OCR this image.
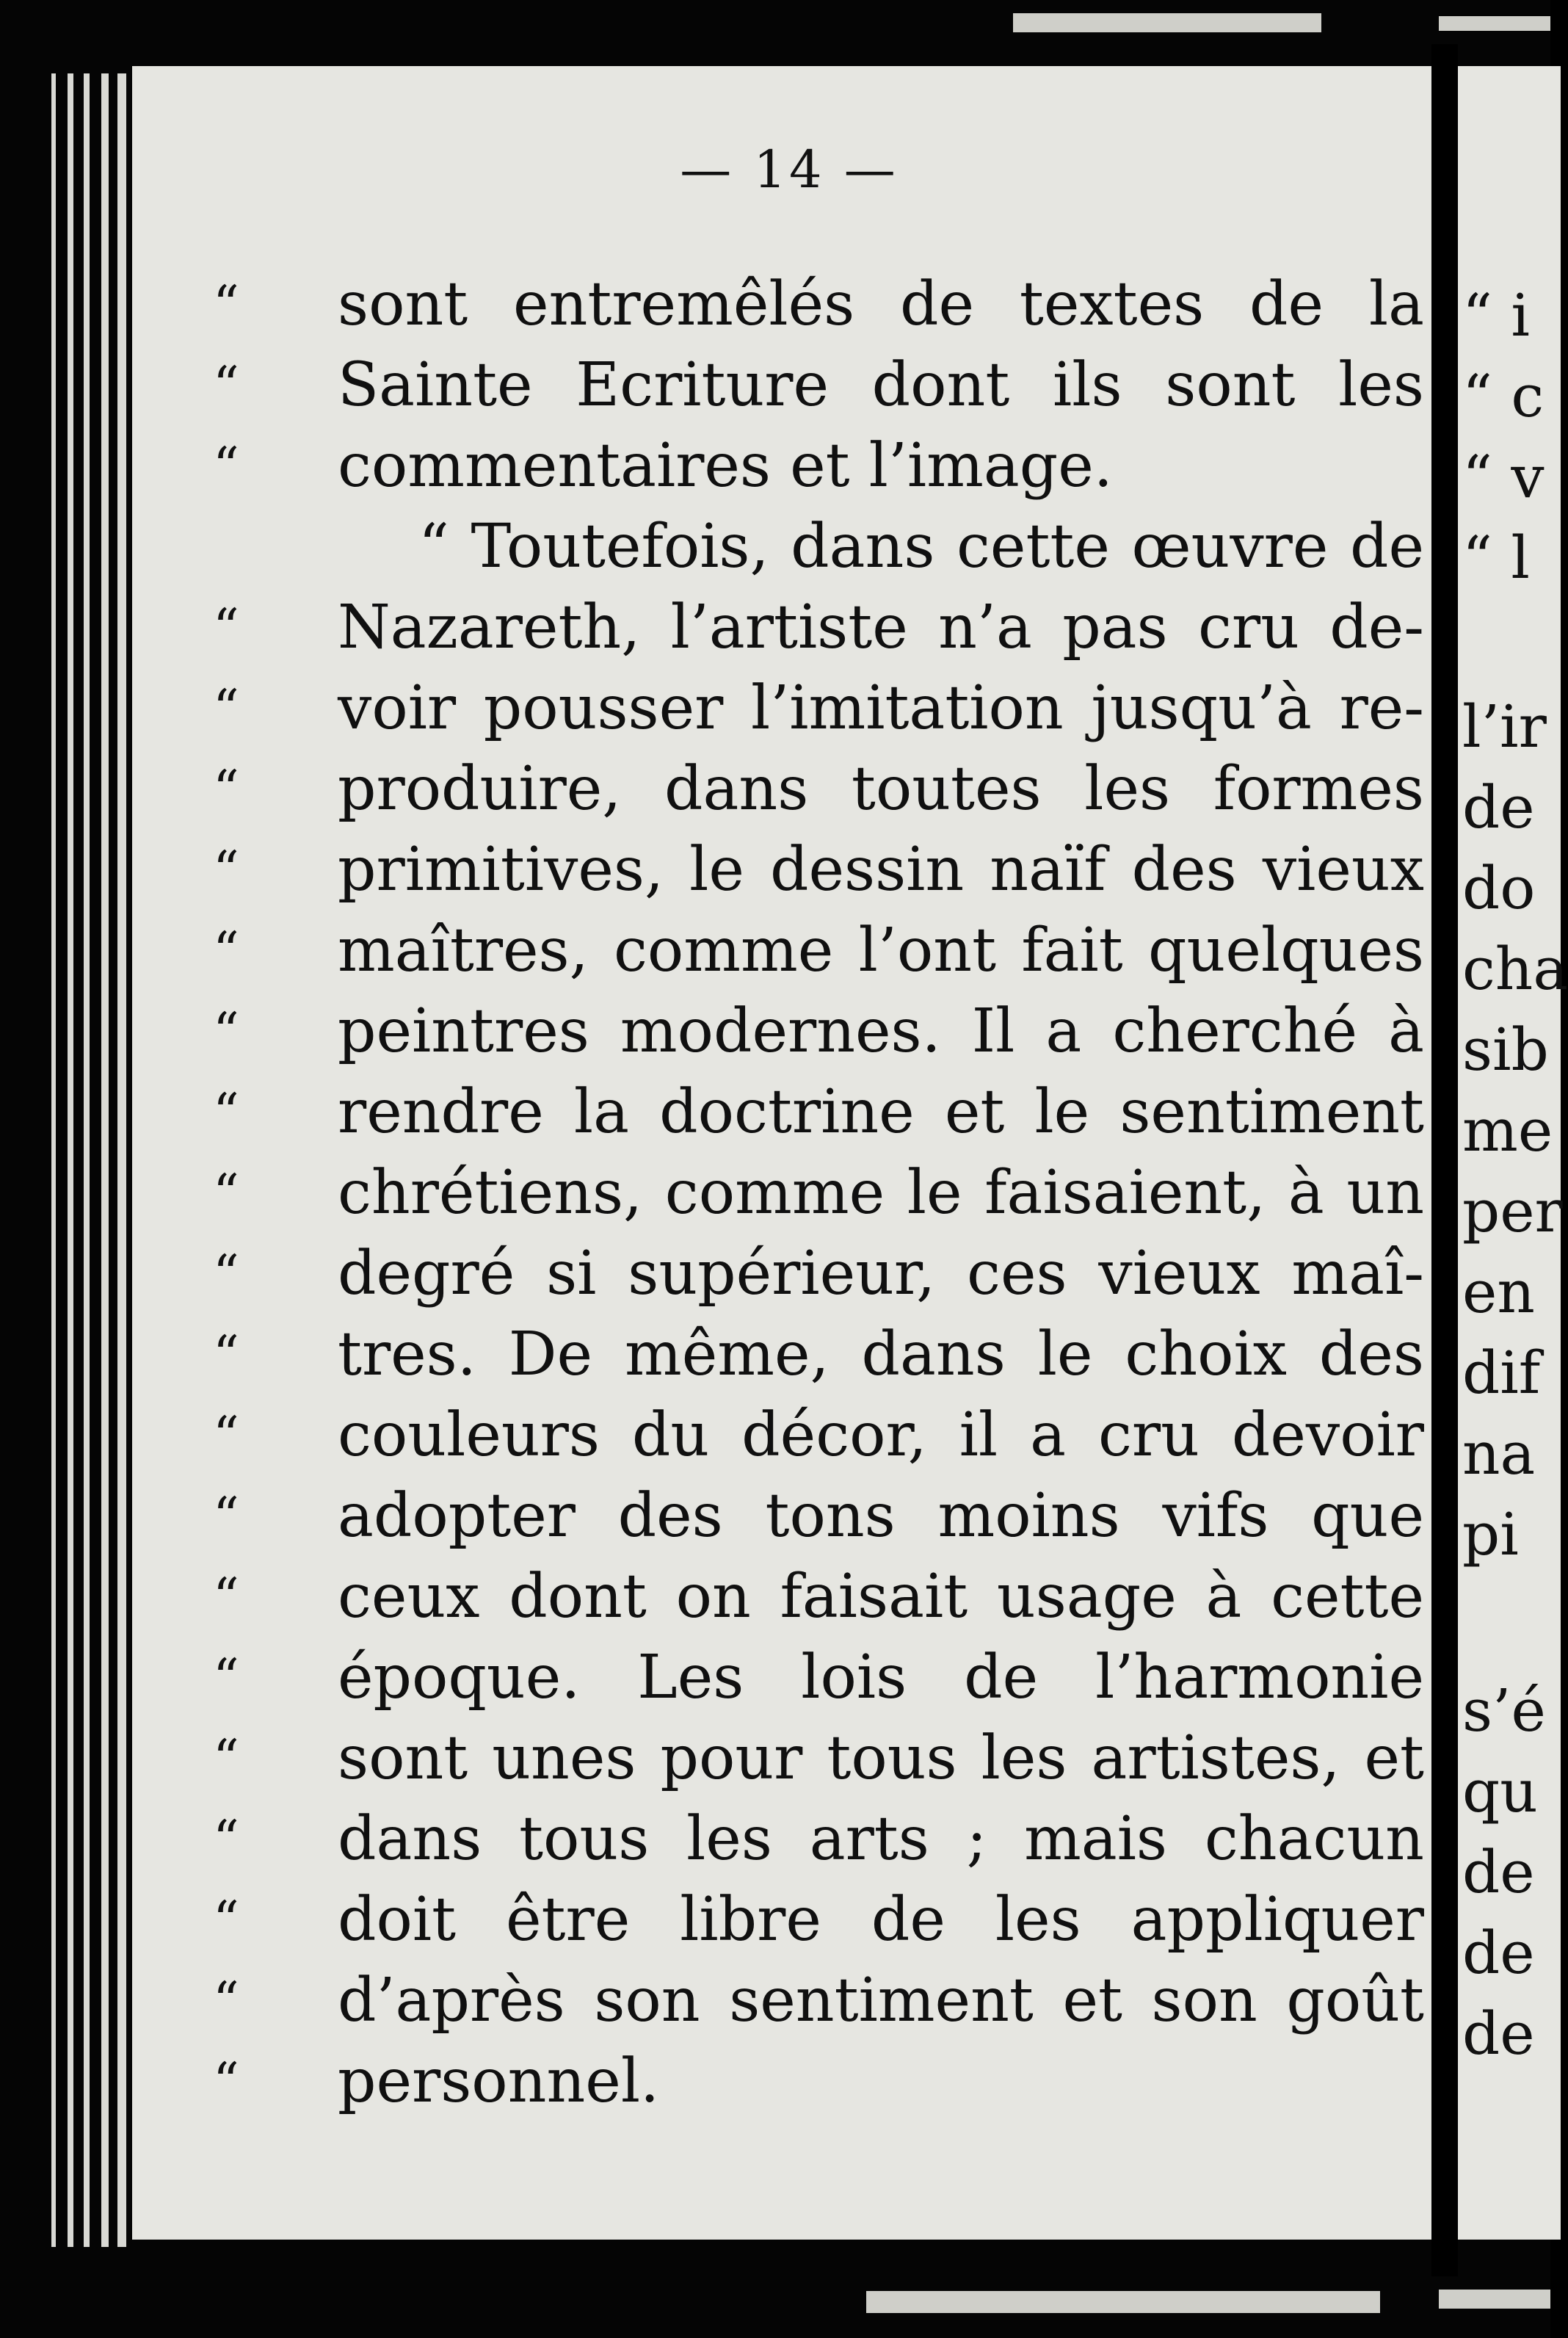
— 14 —
“ sont entremêlés de textes de la
“ Sainte Ecriture dont ils sont les
“ commentaires et l’image.
“ Toutefois, dans cette œuvre de
“ Nazareth, l’artiste n’a pas cru de-
“ voir pousser l’imitation jusqu’à re-
“ produire, dans toutes les formes
“ primitives, le dessin naïf des vieux
“ maîtres, comme l’ont fait quelques
“ peintres modernes. Il a cherché à
“ rendre la doctrine et le sentiment
“ chrétiens, comme le faisaient, à un
“ degré si supérieur, ces vieux maî-
“ tres. De même, dans le choix des
“ couleurs du décor, il a cru devoir
“ adopter des tons moins vifs que
“ ceux dont on faisait usage à cette
“ époque. Les lois de l’harmonie
“ sont unes pour tous les artistes, et
“ dans tous les arts ; mais chacun
“ doit être libre de les appliquer
“ d’après son sentiment et son goût
“ personnel.
“ i
“ c
“ v
“ l
l’ir
de
do
cha
sib
me
per
en
dif
na
pi
s’é
qu
de
de
de
